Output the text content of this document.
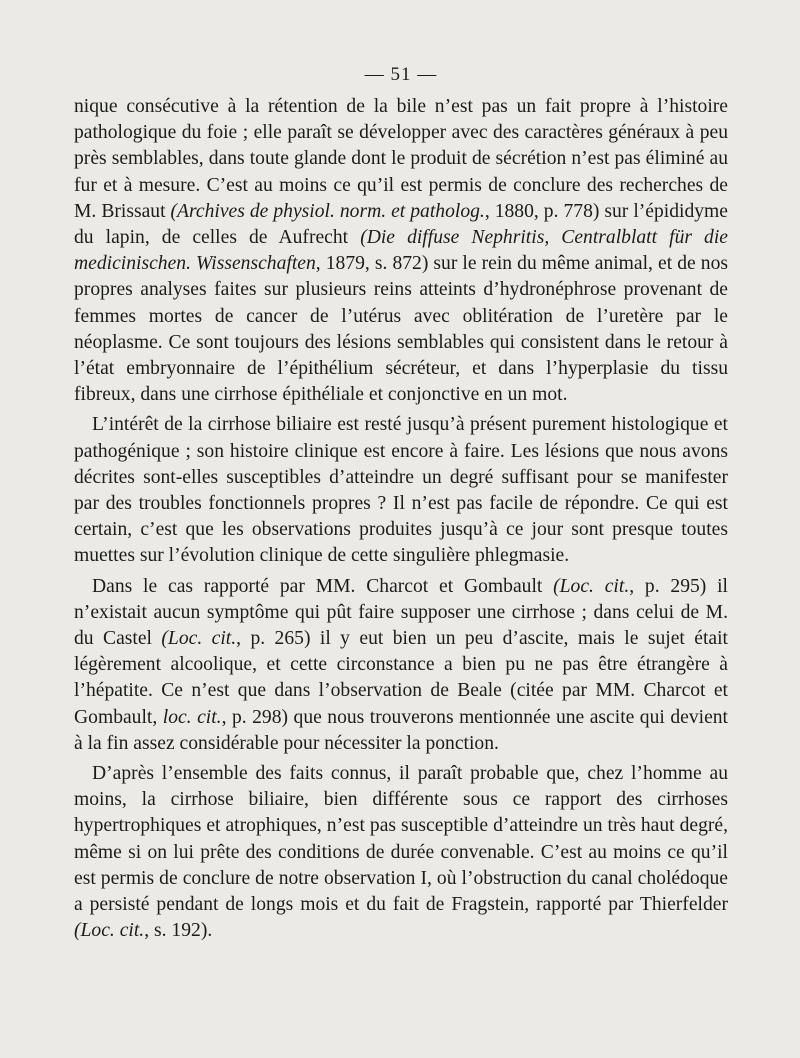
— 51 —

nique consécutive à la rétention de la bile n’est pas un fait propre à l’histoire pathologique du foie ; elle paraît se développer avec des caractères généraux à peu près semblables, dans toute glande dont le produit de sécrétion n’est pas éliminé au fur et à mesure. C’est au moins ce qu’il est permis de conclure des recherches de M. Brissaut (Archives de physiol. norm. et patholog., 1880, p. 778) sur l’épididyme du lapin, de celles de Aufrecht (Die diffuse Nephritis, Centralblatt für die medicinischen. Wissenschaften, 1879, s. 872) sur le rein du même animal, et de nos propres analyses faites sur plusieurs reins atteints d’hydronéphrose provenant de femmes mortes de cancer de l’utérus avec oblitération de l’uretère par le néoplasme. Ce sont toujours des lésions semblables qui consistent dans le retour à l’état embryonnaire de l’épithélium sécréteur, et dans l’hyperplasie du tissu fibreux, dans une cirrhose épithéliale et conjonctive en un mot.

L’intérêt de la cirrhose biliaire est resté jusqu’à présent purement histologique et pathogénique ; son histoire clinique est encore à faire. Les lésions que nous avons décrites sont-elles susceptibles d’atteindre un degré suffisant pour se manifester par des troubles fonctionnels propres ? Il n’est pas facile de répondre. Ce qui est certain, c’est que les observations produites jusqu’à ce jour sont presque toutes muettes sur l’évolution clinique de cette singulière phlegmasie.

Dans le cas rapporté par MM. Charcot et Gombault (Loc. cit., p. 295) il n’existait aucun symptôme qui pût faire supposer une cirrhose ; dans celui de M. du Castel (Loc. cit., p. 265) il y eut bien un peu d’ascite, mais le sujet était légèrement alcoolique, et cette circonstance a bien pu ne pas être étrangère à l’hépatite. Ce n’est que dans l’observation de Beale (citée par MM. Charcot et Gombault, loc. cit., p. 298) que nous trouverons mentionnée une ascite qui devient à la fin assez considérable pour nécessiter la ponction.

D’après l’ensemble des faits connus, il paraît probable que, chez l’homme au moins, la cirrhose biliaire, bien différente sous ce rapport des cirrhoses hypertrophiques et atrophiques, n’est pas susceptible d’atteindre un très haut degré, même si on lui prête des conditions de durée convenable. C’est au moins ce qu’il est permis de conclure de notre observation I, où l’obstruction du canal cholédoque a persisté pendant de longs mois et du fait de Fragstein, rapporté par Thierfelder (Loc. cit., s. 192).
